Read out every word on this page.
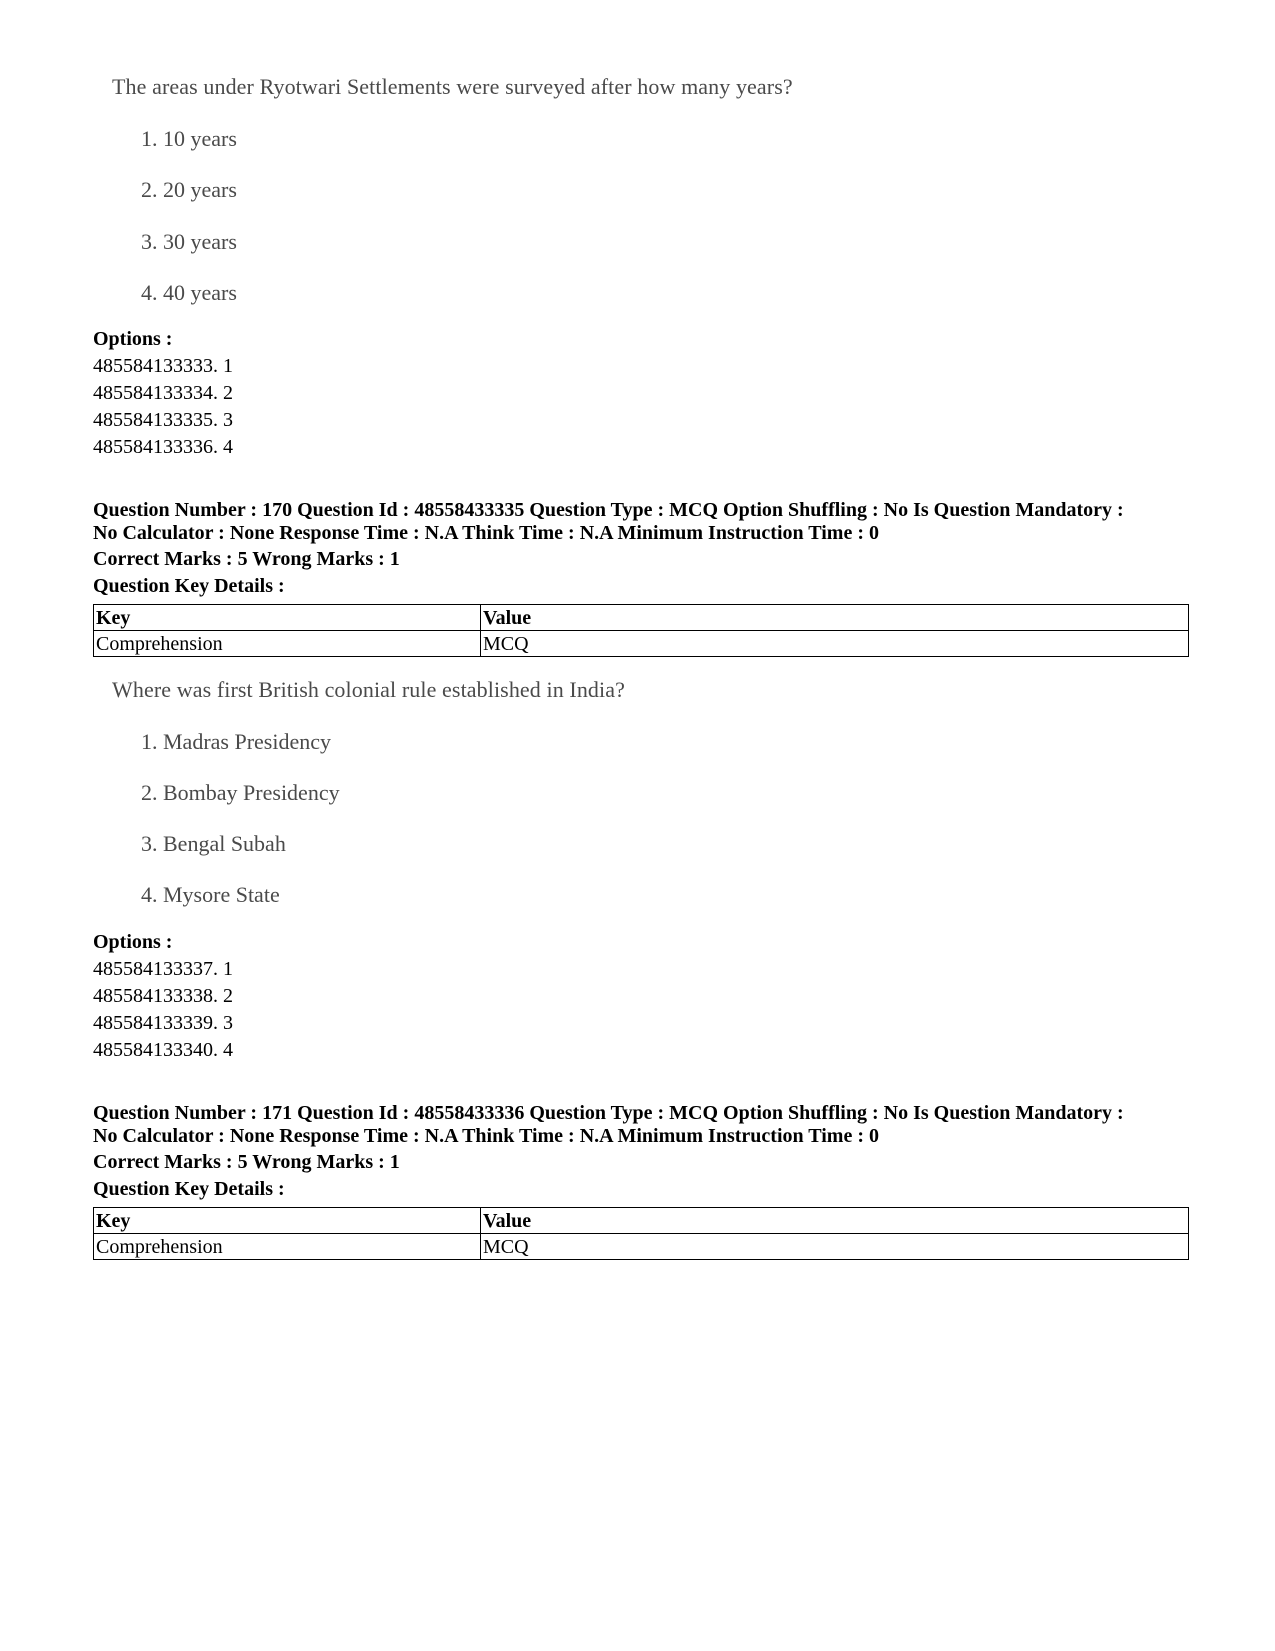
The areas under Ryotwari Settlements were surveyed after how many years?
1. 10 years
2. 20 years
3. 30 years
4. 40 years
Options :
485584133333. 1
485584133334. 2
485584133335. 3
485584133336. 4
Question Number : 170 Question Id : 48558433335 Question Type : MCQ Option Shuffling : No Is Question Mandatory :
No Calculator : None Response Time : N.A Think Time : N.A Minimum Instruction Time : 0
Correct Marks : 5 Wrong Marks : 1
Question Key Details :
Key	Value
Comprehension	MCQ
Where was first British colonial rule established in India?
1. Madras Presidency
2. Bombay Presidency
3. Bengal Subah
4. Mysore State
Options :
485584133337. 1
485584133338. 2
485584133339. 3
485584133340. 4
Question Number : 171 Question Id : 48558433336 Question Type : MCQ Option Shuffling : No Is Question Mandatory :
No Calculator : None Response Time : N.A Think Time : N.A Minimum Instruction Time : 0
Correct Marks : 5 Wrong Marks : 1
Question Key Details :
Key	Value
Comprehension	MCQ
